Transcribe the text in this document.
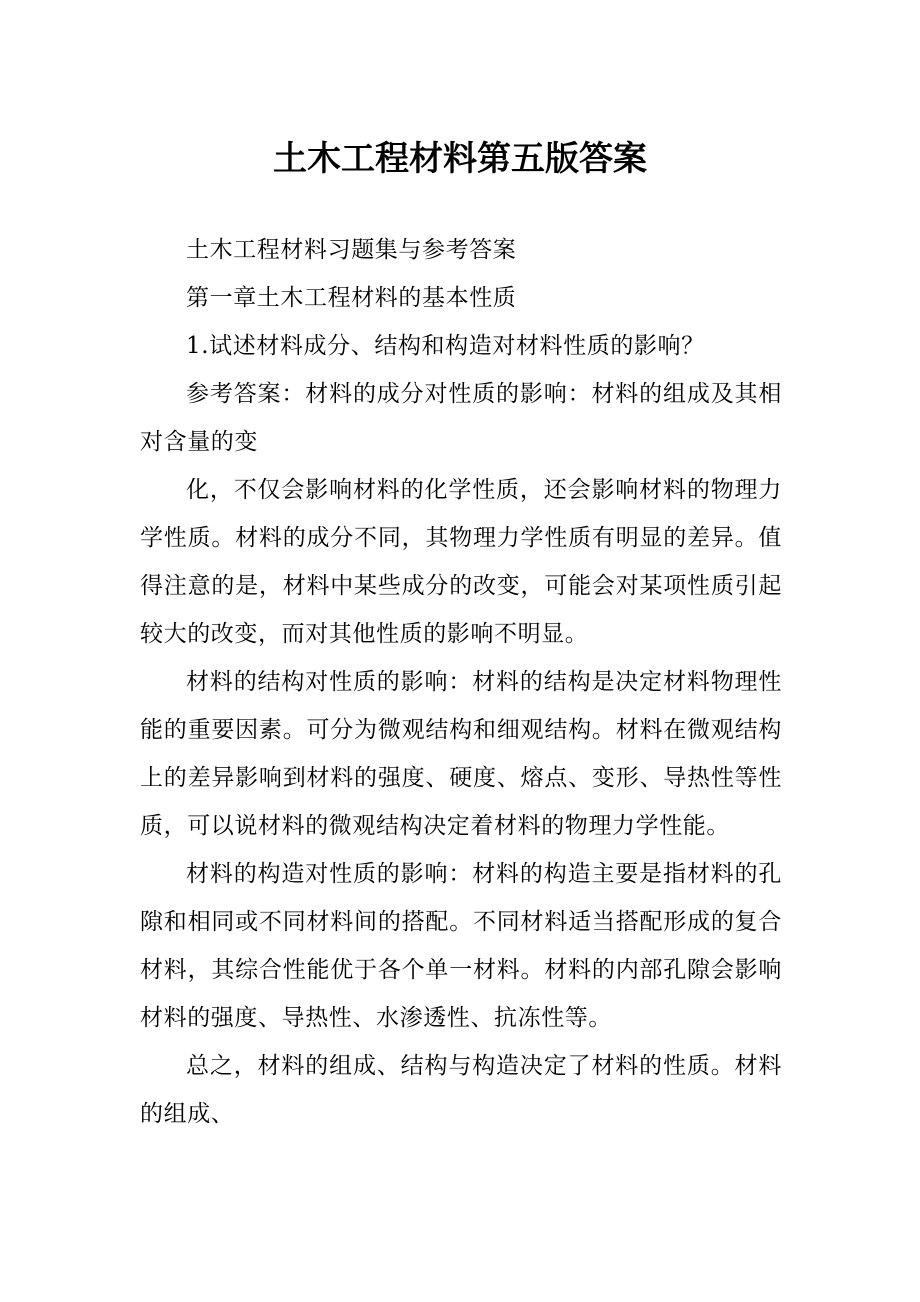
土木工程材料第五版答案

土木工程材料习题集与参考答案

第一章土木工程材料的基本性质

1.试述材料成分、结构和构造对材料性质的影响？

参考答案：材料的成分对性质的影响：材料的组成及其相对含量的变

化，不仅会影响材料的化学性质，还会影响材料的物理力学性质。材料的成分不同，其物理力学性质有明显的差异。值得注意的是，材料中某些成分的改变，可能会对某项性质引起较大的改变，而对其他性质的影响不明显。

材料的结构对性质的影响：材料的结构是决定材料物理性能的重要因素。可分为微观结构和细观结构。材料在微观结构上的差异影响到材料的强度、硬度、熔点、变形、导热性等性质，可以说材料的微观结构决定着材料的物理力学性能。

材料的构造对性质的影响：材料的构造主要是指材料的孔隙和相同或不同材料间的搭配。不同材料适当搭配形成的复合材料，其综合性能优于各个单一材料。材料的内部孔隙会影响材料的强度、导热性、水渗透性、抗冻性等。

总之，材料的组成、结构与构造决定了材料的性质。材料的组成、
